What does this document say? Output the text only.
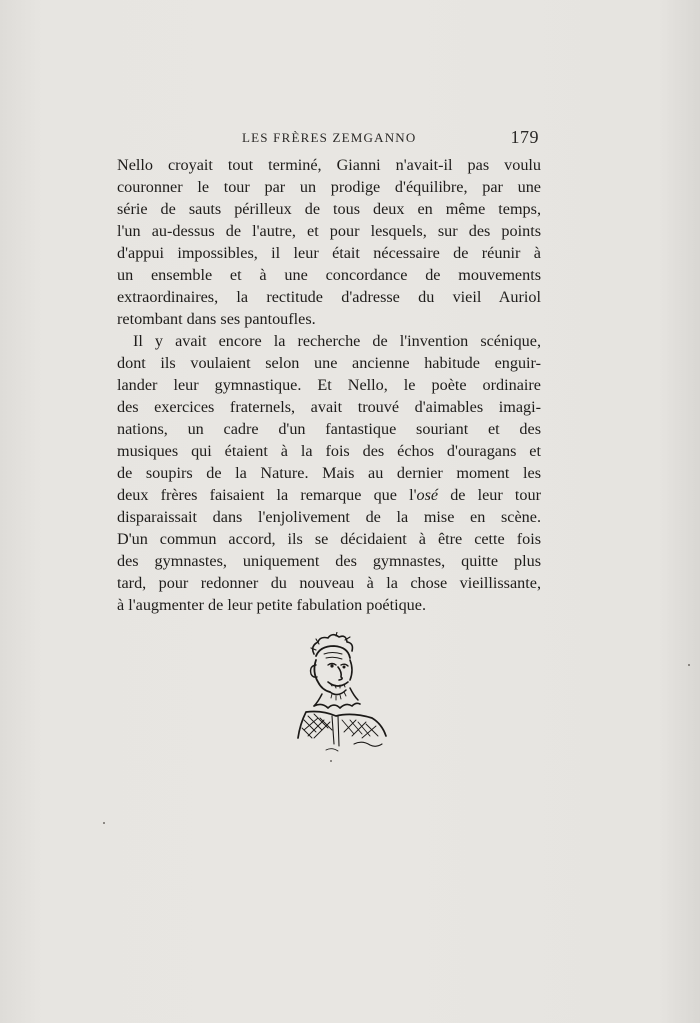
LES FRÈRES ZEMGANNO	179
Nello croyait tout terminé, Gianni n'avait-il pas voulu
couronner le tour par un prodige d'équilibre, par une
série de sauts périlleux de tous deux en même temps,
l'un au-dessus de l'autre, et pour lesquels, sur des points
d'appui impossibles, il leur était nécessaire de réunir à
un ensemble et à une concordance de mouvements
extraordinaires, la rectitude d'adresse du vieil Auriol
retombant dans ses pantoufles.
Il y avait encore la recherche de l'invention scénique,
dont ils voulaient selon une ancienne habitude enguir-
lander leur gymnastique. Et Nello, le poète ordinaire
des exercices fraternels, avait trouvé d'aimables imagi-
nations, un cadre d'un fantastique souriant et des
musiques qui étaient à la fois des échos d'ouragans et
de soupirs de la Nature. Mais au dernier moment les
deux frères faisaient la remarque que l'osé de leur tour
disparaissait dans l'enjolivement de la mise en scène.
D'un commun accord, ils se décidaient à être cette fois
des gymnastes, uniquement des gymnastes, quitte plus
tard, pour redonner du nouveau à la chose vieillissante,
à l'augmenter de leur petite fabulation poétique.
